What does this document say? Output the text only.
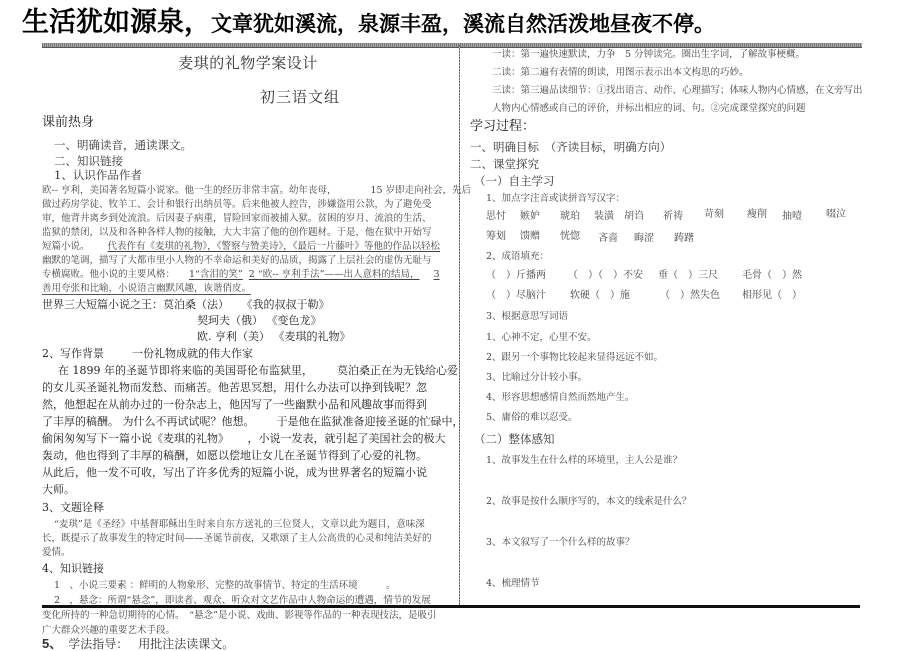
生活犹如源泉，文章犹如溪流，泉源丰盈，溪流自然活泼地昼夜不停。
麦琪的礼物学案设计
初三语文组
课前热身
一、明确读音，通读课文。
二、知识链接
1、认识作品作者
欧-- 亨利，美国著名短篇小说家。他一生的经历非常丰富。幼年丧母，	15 岁即走向社会，先后
做过药房学徒、牧羊工、会计和银行出纳员等。后来他被人控告，涉嫌盗用公款，为了避免受
审，他背井离乡到处流浪。后因妻子病重，冒险回家而被捕入狱。贫困的岁月、流浪的生活、
监狱的禁闭，以及和各种各样人物的接触，大大丰富了他的创作题材。于是，他在狱中开始写
短篇小说。 代表作有《麦琪的礼物》，《警察与赞美诗》，《最后一片藤叶》等他的作品以轻松
幽默的笔调，描写了大都市里小人物的不幸命运和美好的品质，揭露了上层社会的虚伪无耻与
专横腐败。他小说的主要风格： 1“含泪的笑” 2 “欧-- 亨利手法”——出人意料的结局， 3
善用夸张和比喻，小说语言幽默风趣，诙谐俏皮。
世界三大短篇小说之王：莫泊桑（法） 《我的叔叔于勒》
契珂夫（俄） 《变色龙》
欧. 亨利（美） 《麦琪的礼物》
2、写作背景	一份礼物成就的伟大作家
在 1899 年的圣诞节即将来临的美国哥伦布监狱里， 莫泊桑正在为无钱给心爱
的女儿买圣诞礼物而发愁、而痛苦。他苦思冥想，用什么办法可以挣到钱呢？忽
然，他想起在从前办过的一份杂志上，他因写了一些幽默小品和风趣故事而得到
了丰厚的稿酬。 为什么不再试试呢？他想。 于是他在监狱准备迎接圣诞的忙碌中，
偷闲匆匆写下一篇小说《麦琪的礼物》 ，小说一发表，就引起了美国社会的极大
轰动，他也得到了丰厚的稿酬，如愿以偿地让女儿在圣诞节得到了心爱的礼物。
从此后，他一发不可收，写出了许多优秀的短篇小说，成为世界著名的短篇小说
大师。
3、文题诠释
“麦琪”是《圣经》中基督耶稣出生时来自东方送礼的三位贤人，文章以此为题目，意味深
长，既提示了故事发生的特定时间——圣诞节前夜，又歌颂了主人公高贵的心灵和纯洁美好的
爱情。
4、知识链接
1　、小说三要素 ：鲜明的人物象形、完整的故事情节、特定的生活环境　　　。
2　，悬念：所谓“悬念”，即读者、观众、听众对文艺作品中人物命运的遭遇，情节的发展
变化所持的一种急切期待的心情。　“悬念”是小说、戏曲、影视等作品的一种表现技法，是吸引
广大群众兴趣的重要艺术手段。
5、 学法指导： 用批注法读课文。
一读：第一遍快速默读，力争　5 分钟读完。圈出生字词，了解故事梗概。
二读：第二遍有表情的朗读，用图示表示出本文构思的巧妙。
三读：第三遍品读细节：①找出语言、动作、心理描写；体味人物内心情感，在文旁写出
人物内心情感或自己的评价，并标出相应的词、句。②完成课堂探究的问题
学习过程：
一、明确目标　（齐读目标，明确方向）
二、课堂探究
（一）自主学习
1、加点字注音或读拼音写汉字：
思忖 嫉妒 琥珀 装潢 胡诌 祈祷 苛刻 瘦削 抽噎 啜泣
筹划 馈赠 恍惚 吝啬 晦涩 踌躇
2、成语填充：
（　）斤播两 （　）（　）不安 垂（　）三尺 毛骨（　）然
（　）尽脑汁 软硬（　）施	（　）然失色 相形见（　）
3、根据意思写词语
1、心神不定，心里不安。
2、跟另一个事物比较起来显得远远不如。
3、比喻过分计较小事。
4、形容思想感情自然而然地产生。
5、庸俗的难以忍受。
（二）整体感知
1、故事发生在什么样的环境里，主人公是谁？
2、故事是按什么顺序写的，本文的线索是什么？
3、本文叙写了一个什么样的故事？
4、梳理情节
